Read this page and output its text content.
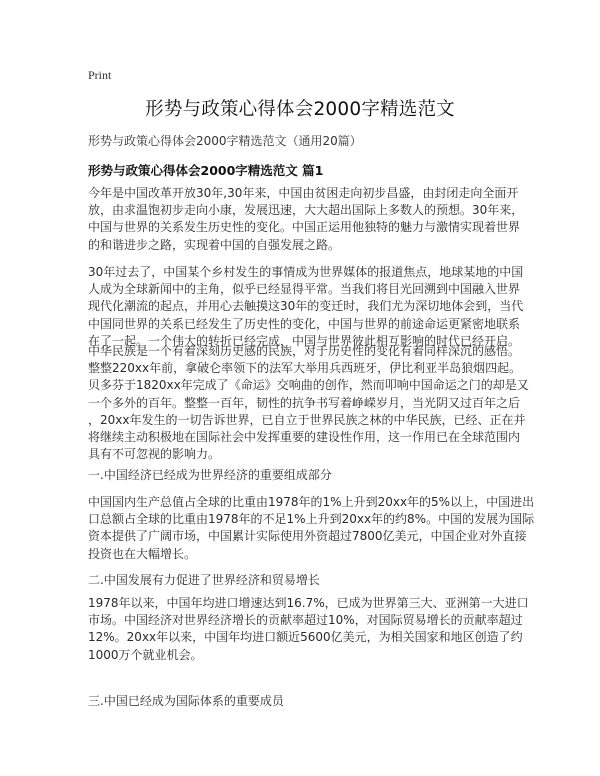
Print
形势与政策心得体会2000字精选范文
形势与政策心得体会2000字精选范文（通用20篇）
形势与政策心得体会2000字精选范文 篇1
今年是中国改革开放30年,30年来，中国由贫困走向初步昌盛，由封闭走向全面开
放，由求温饱初步走向小康，发展迅速，大大超出国际上多数人的预想。30年来，
中国与世界的关系发生历史性的变化。中国正运用他独特的魅力与激情实现着世界
的和谐进步之路，实现着中国的自强发展之路。
30年过去了，中国某个乡村发生的事情成为世界媒体的报道焦点，地球某地的中国
人成为全球新闻中的主角，似乎已经显得平常。当我们将目光回溯到中国融入世界
现代化潮流的起点，并用心去触摸这30年的变迁时，我们尤为深切地体会到，当代
中国同世界的关系已经发生了历史性的变化，中国与世界的前途命运更紧密地联系
在了一起。一个伟大的转折已经完成，中国与世界彼此相互影响的时代已经开启。
中华民族是一个有着深刻历史感的民族，对于历史性的变化有着同样深沉的感悟。
整整220xx年前，拿破仑率领下的法军大举用兵西班牙，伊比利亚半岛狼烟四起。
贝多芬于1820xx年完成了《命运》交响曲的创作，然而叩响中国命运之门的却是又
一个多外的百年。整整一百年，韧性的抗争书写着峥嵘岁月，当光阴又过百年之后
，20xx年发生的一切告诉世界，已自立于世界民族之林的中华民族，已经、正在并
将继续主动积极地在国际社会中发挥重要的建设性作用，这一作用已在全球范围内
具有不可忽视的影响力。
一.中国经济已经成为世界经济的重要组成部分
中国国内生产总值占全球的比重由1978年的1%上升到20xx年的5%以上，中国进出
口总额占全球的比重由1978年的不足1%上升到20xx年的约8%。中国的发展为国际
资本提供了广阔市场，中国累计实际使用外资超过7800亿美元，中国企业对外直接
投资也在大幅增长。
二.中国发展有力促进了世界经济和贸易增长
1978年以来，中国年均进口增速达到16.7%，已成为世界第三大、亚洲第一大进口
市场。中国经济对世界经济增长的贡献率超过10%，对国际贸易增长的贡献率超过
12%。20xx年以来，中国年均进口额近5600亿美元，为相关国家和地区创造了约
1000万个就业机会。
三.中国已经成为国际体系的重要成员
